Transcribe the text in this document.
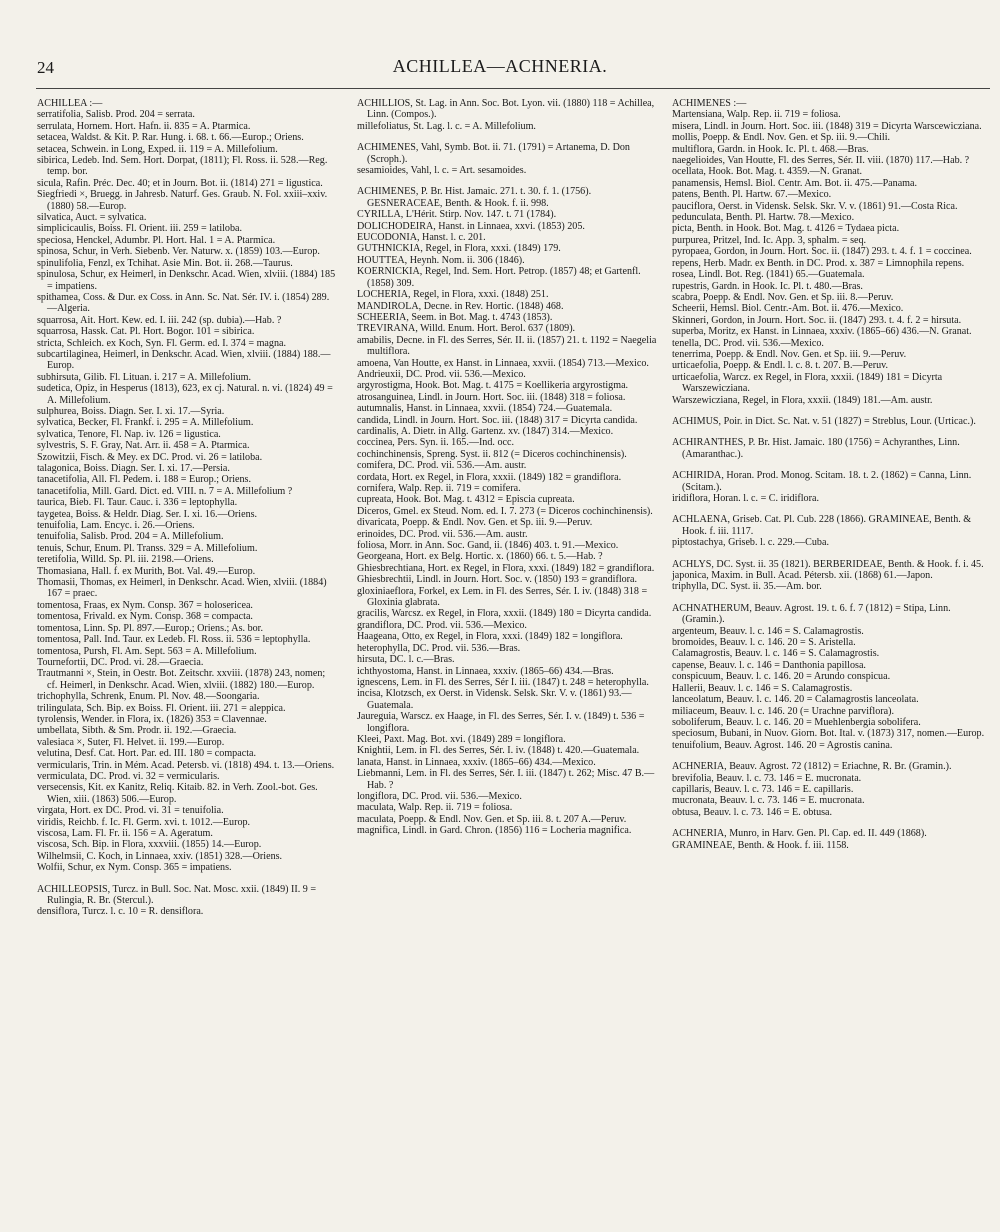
24	ACHILLEA—ACHNERIA.
ACHILLEA :—
serratifolia, Salisb. Prod. 204 = serrata.
serrulata, Hornem. Hort. Hafn. ii. 835 = A. Ptarmica.
setacea, Waldst. & Kit. P. Rar. Hung. i. 68. t. 66.—Europ.; Oriens.
setacea, Schwein. in Long, Exped. ii. 119 = A. Millefolium.
sibirica, Ledeb. Ind. Sem. Hort. Dorpat, (1811); Fl. Ross. ii. 528.—Reg. temp. bor.
sicula, Rafin. Préc. Dec. 40; et in Journ. Bot. ii. (1814) 271 = ligustica.
Siegfriedi ×, Bruegg. in Jahresb. Naturf. Ges. Graub. N. Fol. xxiii–xxiv. (1880) 58.—Europ.
silvatica, Auct. = sylvatica.
simplicicaulis, Boiss. Fl. Orient. iii. 259 = latiloba.
speciosa, Henckel, Adumbr. Pl. Hort. Hal. 1 = A. Ptarmica.
spinosa, Schur, in Verh. Siebenb. Ver. Naturw. x. (1859) 103.—Europ.
spinulifolia, Fenzl, ex Tchihat. Asie Min. Bot. ii. 268.—Taurus.
spinulosa, Schur, ex Heimerl, in Denkschr. Acad. Wien, xlviii. (1884) 185 = impatiens.
spithamea, Coss. & Dur. ex Coss. in Ann. Sc. Nat. Sér. IV. i. (1854) 289.—Algeria.
squarrosa, Ait. Hort. Kew. ed. I. iii. 242 (sp. dubia).—Hab. ?
squarrosa, Hassk. Cat. Pl. Hort. Bogor. 101 = sibirica.
stricta, Schleich. ex Koch, Syn. Fl. Germ. ed. I. 374 = magna.
subcartilaginea, Heimerl, in Denkschr. Acad. Wien, xlviii. (1884) 188.—Europ.
subhirsuta, Gilib. Fl. Lituan. i. 217 = A. Millefolium.
sudetica, Opiz, in Hesperus (1813), 623, ex cj. Natural. n. vi. (1824) 49 = A. Millefolium.
sulphurea, Boiss. Diagn. Ser. I. xi. 17.—Syria.
sylvatica, Becker, Fl. Frankf. i. 295 = A. Millefolium.
sylvatica, Tenore, Fl. Nap. iv. 126 = ligustica.
sylvestris, S. F. Gray, Nat. Arr. ii. 458 = A. Ptarmica.
Szowitzii, Fisch. & Mey. ex DC. Prod. vi. 26 = latiloba.
talagonica, Boiss. Diagn. Ser. I. xi. 17.—Persia.
tanacetifolia, All. Fl. Pedem. i. 188 = Europ.; Oriens.
tanacetifolia, Mill. Gard. Dict. ed. VIII. n. 7 = A. Millefolium ?
taurica, Bieb. Fl. Taur. Cauc. i. 336 = leptophylla.
taygetea, Boiss. & Heldr. Diag. Ser. I. xi. 16.—Oriens.
tenuifolia, Lam. Encyc. i. 26.—Oriens.
tenuifolia, Salisb. Prod. 204 = A. Millefolium.
tenuis, Schur, Enum. Pl. Transs. 329 = A. Millefolium.
teretifolia, Willd. Sp. Pl. iii. 2198.—Oriens.
Thomasiana, Hall. f. ex Murith, Bot. Val. 49.—Europ.
Thomasii, Thomas, ex Heimerl, in Denkschr. Acad. Wien, xlviii. (1884) 167 = praec.
tomentosa, Fraas, ex Nym. Consp. 367 = holosericea.
tomentosa, Frivald. ex Nym. Consp. 368 = compacta.
tomentosa, Linn. Sp. Pl. 897.—Europ.; Oriens.; As. bor.
tomentosa, Pall. Ind. Taur. ex Ledeb. Fl. Ross. ii. 536 = leptophylla.
tomentosa, Pursh, Fl. Am. Sept. 563 = A. Millefolium.
Tournefortii, DC. Prod. vi. 28.—Graecia.
Trautmanni ×, Stein, in Oestr. Bot. Zeitschr. xxviii. (1878) 243, nomen; cf. Heimerl, in Denkschr. Acad. Wien, xlviii. (1882) 180.—Europ.
trichophylla, Schrenk, Enum. Pl. Nov. 48.—Soongaria.
trilingulata, Sch. Bip. ex Boiss. Fl. Orient. iii. 271 = aleppica.
tyrolensis, Wender. in Flora, ix. (1826) 353 = Clavennae.
umbellata, Sibth. & Sm. Prodr. ii. 192.—Graecia.
valesiaca ×, Suter, Fl. Helvet. ii. 199.—Europ.
velutina, Desf. Cat. Hort. Par. ed. III. 180 = compacta.
vermicularis, Trin. in Mém. Acad. Petersb. vi. (1818) 494. t. 13.—Oriens.
vermiculata, DC. Prod. vi. 32 = vermicularis.
versecensis, Kit. ex Kanitz, Reliq. Kitaib. 82. in Verh. Zool.-bot. Ges. Wien, xiii. (1863) 506.—Europ.
virgata, Hort. ex DC. Prod. vi. 31 = tenuifolia.
viridis, Reichb. f. Ic. Fl. Germ. xvi. t. 1012.—Europ.
viscosa, Lam. Fl. Fr. ii. 156 = A. Ageratum.
viscosa, Sch. Bip. in Flora, xxxviii. (1855) 14.—Europ.
Wilhelmsii, C. Koch, in Linnaea, xxiv. (1851) 328.—Oriens.
Wolfii, Schur, ex Nym. Consp. 365 = impatiens.
ACHILLEOPSIS, Turcz. in Bull. Soc. Nat. Mosc. xxii. (1849) II. 9 = Rulingia, R. Br. (Stercul.).
densiflora, Turcz. l. c. 10 = R. densiflora.
ACHILLIOS, St. Lag. in Ann. Soc. Bot. Lyon. vii. (1880) 118 = Achillea, Linn. (Compos.).
millefoliatus, St. Lag. l. c. = A. Millefolium.
ACHIMENES, Vahl, Symb. Bot. ii. 71. (1791) = Artanema, D. Don (Scroph.).
sesamioides, Vahl, l. c. = Art. sesamoides.
ACHIMENES, P. Br. Hist. Jamaic. 271. t. 30. f. 1. (1756). GESNERACEAE, Benth. & Hook. f. ii. 998.
CYRILLA, L'Hérit. Stirp. Nov. 147. t. 71 (1784).
DOLICHODEIRA, Hanst. in Linnaea, xxvi. (1853) 205.
EUCODONIA, Hanst. l. c. 201.
GUTHNICKIA, Regel, in Flora, xxxi. (1849) 179.
HOUTTEA, Heynh. Nom. ii. 306 (1846).
KOERNICKIA, Regel, Ind. Sem. Hort. Petrop. (1857) 48; et Gartenfl. (1858) 309.
LOCHERIA, Regel, in Flora, xxxi. (1848) 251.
MANDIROLA, Decne. in Rev. Hortic. (1848) 468.
SCHEERIA, Seem. in Bot. Mag. t. 4743 (1853).
TREVIRANA, Willd. Enum. Hort. Berol. 637 (1809).
amabilis, Decne. in Fl. des Serres, Sér. II. ii. (1857) 21. t. 1192 = Naegelia multiflora.
amoena, Van Houtte, ex Hanst. in Linnaea, xxvii. (1854) 713.—Mexico.
Andrieuxii, DC. Prod. vii. 536.—Mexico.
argyrostigma, Hook. Bot. Mag. t. 4175 = Koellikeria argyrostigma.
atrosanguinea, Lindl. in Journ. Hort. Soc. iii. (1848) 318 = foliosa.
autumnalis, Hanst. in Linnaea, xxvii. (1854) 724.—Guatemala.
candida, Lindl. in Journ. Hort. Soc. iii. (1848) 317 = Dicyrta candida.
cardinalis, A. Dietr. in Allg. Gartenz. xv. (1847) 314.—Mexico.
coccinea, Pers. Syn. ii. 165.—Ind. occ.
cochinchinensis, Spreng. Syst. ii. 812 (= Diceros cochinchinensis).
comifera, DC. Prod. vii. 536.—Am. austr.
cordata, Hort. ex Regel, in Flora, xxxii. (1849) 182 = grandiflora.
cornifera, Walp. Rep. ii. 719 = comifera.
cupreata, Hook. Bot. Mag. t. 4312 = Episcia cupreata.
Diceros, Gmel. ex Steud. Nom. ed. I. 7. 273 (= Diceros cochinchinensis).
divaricata, Poepp. & Endl. Nov. Gen. et Sp. iii. 9.—Peruv.
erinoides, DC. Prod. vii. 536.—Am. austr.
foliosa, Morr. in Ann. Soc. Gand, ii. (1846) 403. t. 91.—Mexico.
Georgeana, Hort. ex Belg. Hortic. x. (1860) 66. t. 5.—Hab. ?
Ghiesbrechtiana, Hort. ex Regel, in Flora, xxxi. (1849) 182 = grandiflora.
Ghiesbrechtii, Lindl. in Journ. Hort. Soc. v. (1850) 193 = grandiflora.
gloxiniaeflora, Forkel, ex Lem. in Fl. des Serres, Sér. I. iv. (1848) 318 = Gloxinia glabrata.
gracilis, Warcsz. ex Regel, in Flora, xxxii. (1849) 180 = Dicyrta candida.
grandiflora, DC. Prod. vii. 536.—Mexico.
Haageana, Otto, ex Regel, in Flora, xxxi. (1849) 182 = longiflora.
heterophylla, DC. Prod. vii. 536.—Bras.
hirsuta, DC. l. c.—Bras.
ichthyostoma, Hanst. in Linnaea, xxxiv. (1865–66) 434.—Bras.
ignescens, Lem. in Fl. des Serres, Sér I. iii. (1847) t. 248 = heterophylla.
incisa, Klotzsch, ex Oerst. in Vidensk. Selsk. Skr. V. v. (1861) 93.—Guatemala.
Jaureguia, Warscz. ex Haage, in Fl. des Serres, Sér. I. v. (1849) t. 536 = longiflora.
Kleei, Paxt. Mag. Bot. xvi. (1849) 289 = longiflora.
Knightii, Lem. in Fl. des Serres, Sér. I. iv. (1848) t. 420.—Guatemala.
lanata, Hanst. in Linnaea, xxxiv. (1865–66) 434.—Mexico.
Liebmanni, Lem. in Fl. des Serres, Sér. I. iii. (1847) t. 262; Misc. 47 B.—Hab. ?
longiflora, DC. Prod. vii. 536.—Mexico.
maculata, Walp. Rep. ii. 719 = foliosa.
maculata, Poepp. & Endl. Nov. Gen. et Sp. iii. 8. t. 207 A.—Peruv.
magnifica, Lindl. in Gard. Chron. (1856) 116 = Locheria magnifica.
ACHIMENES :—
Martensiana, Walp. Rep. ii. 719 = foliosa.
misera, Lindl. in Journ. Hort. Soc. iii. (1848) 319 = Dicyrta Warscewicziana.
mollis, Poepp. & Endl. Nov. Gen. et Sp. iii. 9.—Chili.
multiflora, Gardn. in Hook. Ic. Pl. t. 468.—Bras.
naegelioides, Van Houtte, Fl. des Serres, Sér. II. viii. (1870) 117.—Hab. ?
ocellata, Hook. Bot. Mag. t. 4359.—N. Granat.
panamensis, Hemsl. Biol. Centr. Am. Bot. ii. 475.—Panama.
patens, Benth. Pl. Hartw. 67.—Mexico.
pauciflora, Oerst. in Vidensk. Selsk. Skr. V. v. (1861) 91.—Costa Rica.
pedunculata, Benth. Pl. Hartw. 78.—Mexico.
picta, Benth. in Hook. Bot. Mag. t. 4126 = Tydaea picta.
purpurea, Pritzel, Ind. Ic. App. 3, sphalm. = seq.
pyropaea, Gordon, in Journ. Hort. Soc. ii. (1847) 293. t. 4. f. 1 = coccinea.
repens, Herb. Madr. ex Benth. in DC. Prod. x. 387 = Limnophila repens.
rosea, Lindl. Bot. Reg. (1841) 65.—Guatemala.
rupestris, Gardn. in Hook. Ic. Pl. t. 480.—Bras.
scabra, Poepp. & Endl. Nov. Gen. et Sp. iii. 8.—Peruv.
Scheerii, Hemsl. Biol. Centr.-Am. Bot. ii. 476.—Mexico.
Skinneri, Gordon, in Journ. Hort. Soc. ii. (1847) 293. t. 4. f. 2 = hirsuta.
superba, Moritz, ex Hanst. in Linnaea, xxxiv. (1865–66) 436.—N. Granat.
tenella, DC. Prod. vii. 536.—Mexico.
tenerrima, Poepp. & Endl. Nov. Gen. et Sp. iii. 9.—Peruv.
urticaefolia, Poepp. & Endl. l. c. 8. t. 207. B.—Peruv.
urticaefolia, Warcz. ex Regel, in Flora, xxxii. (1849) 181 = Dicyrta Warszewicziana.
Warszewicziana, Regel, in Flora, xxxii. (1849) 181.—Am. austr.
ACHIMUS, Poir. in Dict. Sc. Nat. v. 51 (1827) = Streblus, Lour. (Urticac.).
ACHIRANTHES, P. Br. Hist. Jamaic. 180 (1756) = Achyranthes, Linn. (Amaranthac.).
ACHIRIDA, Horan. Prod. Monog. Scitam. 18. t. 2. (1862) = Canna, Linn. (Scitam.).
iridiflora, Horan. l. c. = C. iridiflora.
ACHLAENA, Griseb. Cat. Pl. Cub. 228 (1866). GRAMINEAE, Benth. & Hook. f. iii. 1117.
piptostachya, Griseb. l. c. 229.—Cuba.
ACHLYS, DC. Syst. ii. 35 (1821). BERBERIDEAE, Benth. & Hook. f. i. 45.
japonica, Maxim. in Bull. Acad. Pétersb. xii. (1868) 61.—Japon.
triphylla, DC. Syst. ii. 35.—Am. bor.
ACHNATHERUM, Beauv. Agrost. 19. t. 6. f. 7 (1812) = Stipa, Linn. (Gramin.).
argenteum, Beauv. l. c. 146 = S. Calamagrostis.
bromoides, Beauv. l. c. 146. 20 = S. Aristella.
Calamagrostis, Beauv. l. c. 146 = S. Calamagrostis.
capense, Beauv. l. c. 146 = Danthonia papillosa.
conspicuum, Beauv. l. c. 146. 20 = Arundo conspicua.
Hallerii, Beauv. l. c. 146 = S. Calamagrostis.
lanceolatum, Beauv. l. c. 146. 20 = Calamagrostis lanceolata.
miliaceum, Beauv. l. c. 146. 20 (= Urachne parviflora).
soboliferum, Beauv. l. c. 146. 20 = Muehlenbergia sobolifera.
speciosum, Bubani, in Nuov. Giorn. Bot. Ital. v. (1873) 317, nomen.—Europ.
tenuifolium, Beauv. Agrost. 146. 20 = Agrostis canina.
ACHNERIA, Beauv. Agrost. 72 (1812) = Eriachne, R. Br. (Gramin.).
brevifolia, Beauv. l. c. 73. 146 = E. mucronata.
capillaris, Beauv. l. c. 73. 146 = E. capillaris.
mucronata, Beauv. l. c. 73. 146 = E. mucronata.
obtusa, Beauv. l. c. 73. 146 = E. obtusa.
ACHNERIA, Munro, in Harv. Gen. Pl. Cap. ed. II. 449 (1868).
GRAMINEAE, Benth. & Hook. f. iii. 1158.
